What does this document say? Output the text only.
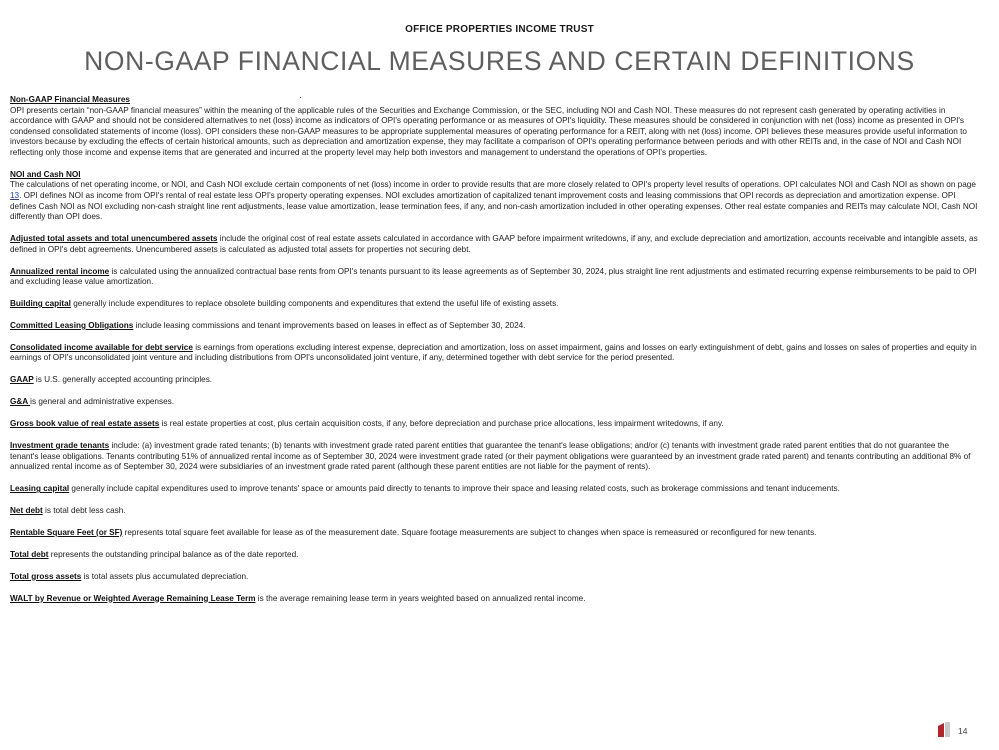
OFFICE PROPERTIES INCOME TRUST
NON-GAAP FINANCIAL MEASURES AND CERTAIN DEFINITIONS
Non-GAAP Financial Measures
OPI presents certain “non-GAAP financial measures” within the meaning of the applicable rules of the Securities and Exchange Commission, or the SEC, including NOI and Cash NOI. These measures do not represent cash generated by operating activities in accordance with GAAP and should not be considered alternatives to net (loss) income as indicators of OPI's operating performance or as measures of OPI's liquidity. These measures should be considered in conjunction with net (loss) income as presented in OPI's condensed consolidated statements of income (loss). OPI considers these non-GAAP measures to be appropriate supplemental measures of operating performance for a REIT, along with net (loss) income. OPI believes these measures provide useful information to investors because by excluding the effects of certain historical amounts, such as depreciation and amortization expense, they may facilitate a comparison of OPI's operating performance between periods and with other REITs and, in the case of NOI and Cash NOI reflecting only those income and expense items that are generated and incurred at the property level may help both investors and management to understand the operations of OPI's properties.
NOI and Cash NOI
The calculations of net operating income, or NOI, and Cash NOI exclude certain components of net (loss) income in order to provide results that are more closely related to OPI's property level results of operations. OPI calculates NOI and Cash NOI as shown on page 13. OPI defines NOI as income from OPI's rental of real estate less OPI's property operating expenses. NOI excludes amortization of capitalized tenant improvement costs and leasing commissions that OPI records as depreciation and amortization expense. OPI defines Cash NOI as NOI excluding non-cash straight line rent adjustments, lease value amortization, lease termination fees, if any, and non-cash amortization included in other operating expenses. Other real estate companies and REITs may calculate NOI, Cash NOI differently than OPI does.
Adjusted total assets and total unencumbered assets include the original cost of real estate assets calculated in accordance with GAAP before impairment writedowns, if any, and exclude depreciation and amortization, accounts receivable and intangible assets, as defined in OPI's debt agreements. Unencumbered assets is calculated as adjusted total assets for properties not securing debt.
Annualized rental income is calculated using the annualized contractual base rents from OPI's tenants pursuant to its lease agreements as of September 30, 2024, plus straight line rent adjustments and estimated recurring expense reimbursements to be paid to OPI and excluding lease value amortization.
Building capital generally include expenditures to replace obsolete building components and expenditures that extend the useful life of existing assets.
Committed Leasing Obligations include leasing commissions and tenant improvements based on leases in effect as of September 30, 2024.
Consolidated income available for debt service is earnings from operations excluding interest expense, depreciation and amortization, loss on asset impairment, gains and losses on early extinguishment of debt, gains and losses on sales of properties and equity in earnings of OPI's unconsolidated joint venture and including distributions from OPI's unconsolidated joint venture, if any, determined together with debt service for the period presented.
GAAP is U.S. generally accepted accounting principles.
G&A is general and administrative expenses.
Gross book value of real estate assets is real estate properties at cost, plus certain acquisition costs, if any, before depreciation and purchase price allocations, less impairment writedowns, if any.
Investment grade tenants include: (a) investment grade rated tenants; (b) tenants with investment grade rated parent entities that guarantee the tenant's lease obligations; and/or (c) tenants with investment grade rated parent entities that do not guarantee the tenant's lease obligations. Tenants contributing 51% of annualized rental income as of September 30, 2024 were investment grade rated (or their payment obligations were guaranteed by an investment grade rated parent) and tenants contributing an additional 8% of annualized rental income as of September 30, 2024 were subsidiaries of an investment grade rated parent (although these parent entities are not liable for the payment of rents).
Leasing capital generally include capital expenditures used to improve tenants' space or amounts paid directly to tenants to improve their space and leasing related costs, such as brokerage commissions and tenant inducements.
Net debt is total debt less cash.
Rentable Square Feet (or SF) represents total square feet available for lease as of the measurement date. Square footage measurements are subject to changes when space is remeasured or reconfigured for new tenants.
Total debt represents the outstanding principal balance as of the date reported.
Total gross assets is total assets plus accumulated depreciation.
WALT by Revenue or Weighted Average Remaining Lease Term is the average remaining lease term in years weighted based on annualized rental income.
14
